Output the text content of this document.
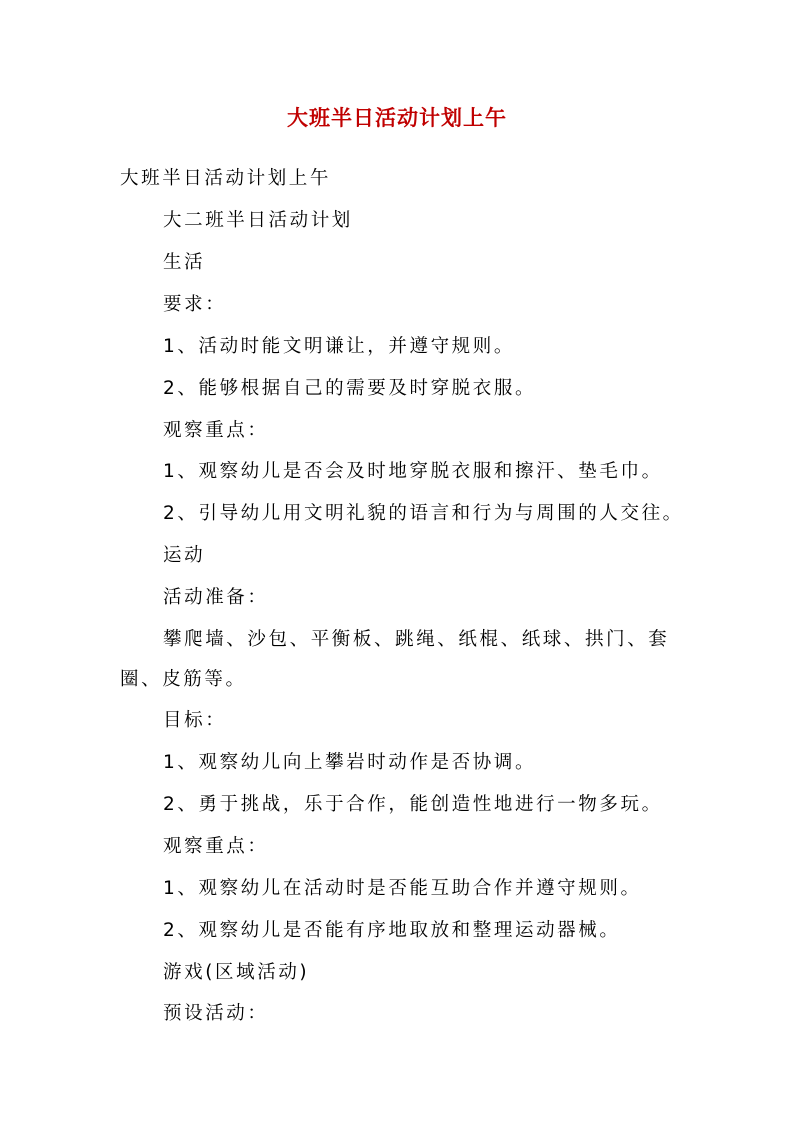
大班半日活动计划上午
大班半日活动计划上午
大二班半日活动计划
生活
要求：
1、活动时能文明谦让，并遵守规则。
2、能够根据自己的需要及时穿脱衣服。
观察重点：
1、观察幼儿是否会及时地穿脱衣服和擦汗、垫毛巾。
2、引导幼儿用文明礼貌的语言和行为与周围的人交往。
运动
活动准备：
攀爬墙、沙包、平衡板、跳绳、纸棍、纸球、拱门、套
圈、皮筋等。
目标：
1、观察幼儿向上攀岩时动作是否协调。
2、勇于挑战，乐于合作，能创造性地进行一物多玩。
观察重点：
1、观察幼儿在活动时是否能互助合作并遵守规则。
2、观察幼儿是否能有序地取放和整理运动器械。
游戏(区域活动)
预设活动：
